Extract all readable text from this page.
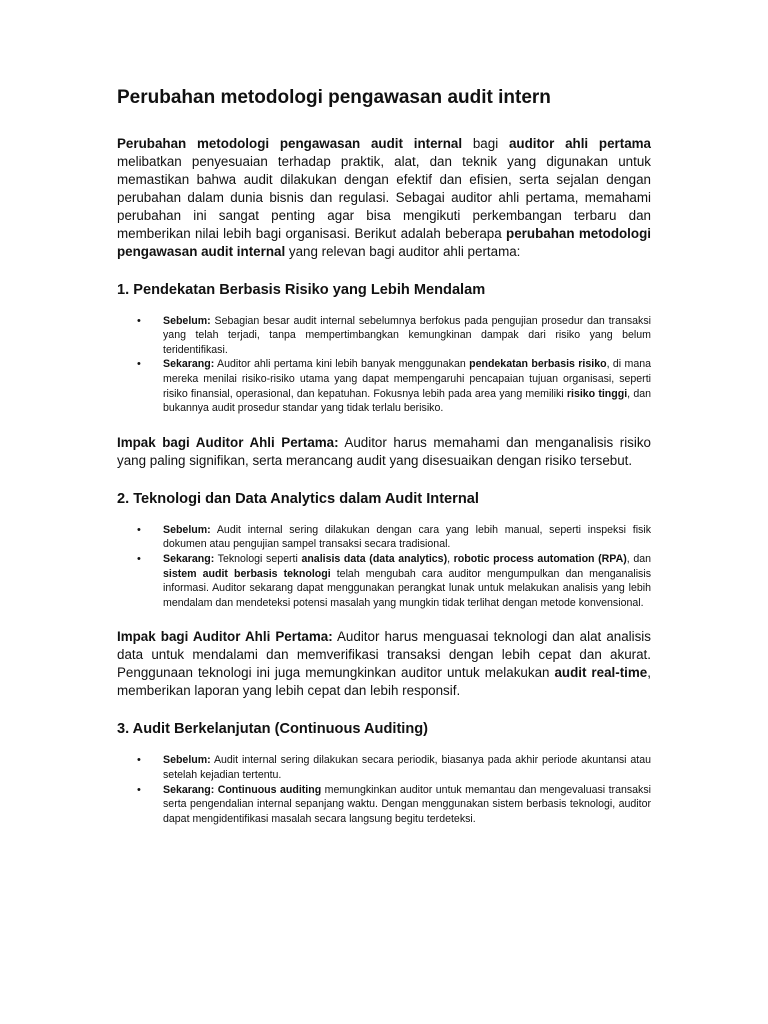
Perubahan metodologi pengawasan audit intern

Perubahan metodologi pengawasan audit internal bagi auditor ahli pertama melibatkan penyesuaian terhadap praktik, alat, dan teknik yang digunakan untuk memastikan bahwa audit dilakukan dengan efektif dan efisien, serta sejalan dengan perubahan dalam dunia bisnis dan regulasi. Sebagai auditor ahli pertama, memahami perubahan ini sangat penting agar bisa mengikuti perkembangan terbaru dan memberikan nilai lebih bagi organisasi. Berikut adalah beberapa perubahan metodologi pengawasan audit internal yang relevan bagi auditor ahli pertama:

1. Pendekatan Berbasis Risiko yang Lebih Mendalam
• Sebelum: Sebagian besar audit internal sebelumnya berfokus pada pengujian prosedur dan transaksi yang telah terjadi, tanpa mempertimbangkan kemungkinan dampak dari risiko yang belum teridentifikasi.
• Sekarang: Auditor ahli pertama kini lebih banyak menggunakan pendekatan berbasis risiko, di mana mereka menilai risiko-risiko utama yang dapat mempengaruhi pencapaian tujuan organisasi, seperti risiko finansial, operasional, dan kepatuhan. Fokusnya lebih pada area yang memiliki risiko tinggi, dan bukannya audit prosedur standar yang tidak terlalu berisiko.

Impak bagi Auditor Ahli Pertama: Auditor harus memahami dan menganalisis risiko yang paling signifikan, serta merancang audit yang disesuaikan dengan risiko tersebut.

2. Teknologi dan Data Analytics dalam Audit Internal
• Sebelum: Audit internal sering dilakukan dengan cara yang lebih manual, seperti inspeksi fisik dokumen atau pengujian sampel transaksi secara tradisional.
• Sekarang: Teknologi seperti analisis data (data analytics), robotic process automation (RPA), dan sistem audit berbasis teknologi telah mengubah cara auditor mengumpulkan dan menganalisis informasi. Auditor sekarang dapat menggunakan perangkat lunak untuk melakukan analisis yang lebih mendalam dan mendeteksi potensi masalah yang mungkin tidak terlihat dengan metode konvensional.

Impak bagi Auditor Ahli Pertama: Auditor harus menguasai teknologi dan alat analisis data untuk mendalami dan memverifikasi transaksi dengan lebih cepat dan akurat. Penggunaan teknologi ini juga memungkinkan auditor untuk melakukan audit real-time, memberikan laporan yang lebih cepat dan lebih responsif.

3. Audit Berkelanjutan (Continuous Auditing)
• Sebelum: Audit internal sering dilakukan secara periodik, biasanya pada akhir periode akuntansi atau setelah kejadian tertentu.
• Sekarang: Continuous auditing memungkinkan auditor untuk memantau dan mengevaluasi transaksi serta pengendalian internal sepanjang waktu. Dengan menggunakan sistem berbasis teknologi, auditor dapat mengidentifikasi masalah secara langsung begitu terdeteksi.
